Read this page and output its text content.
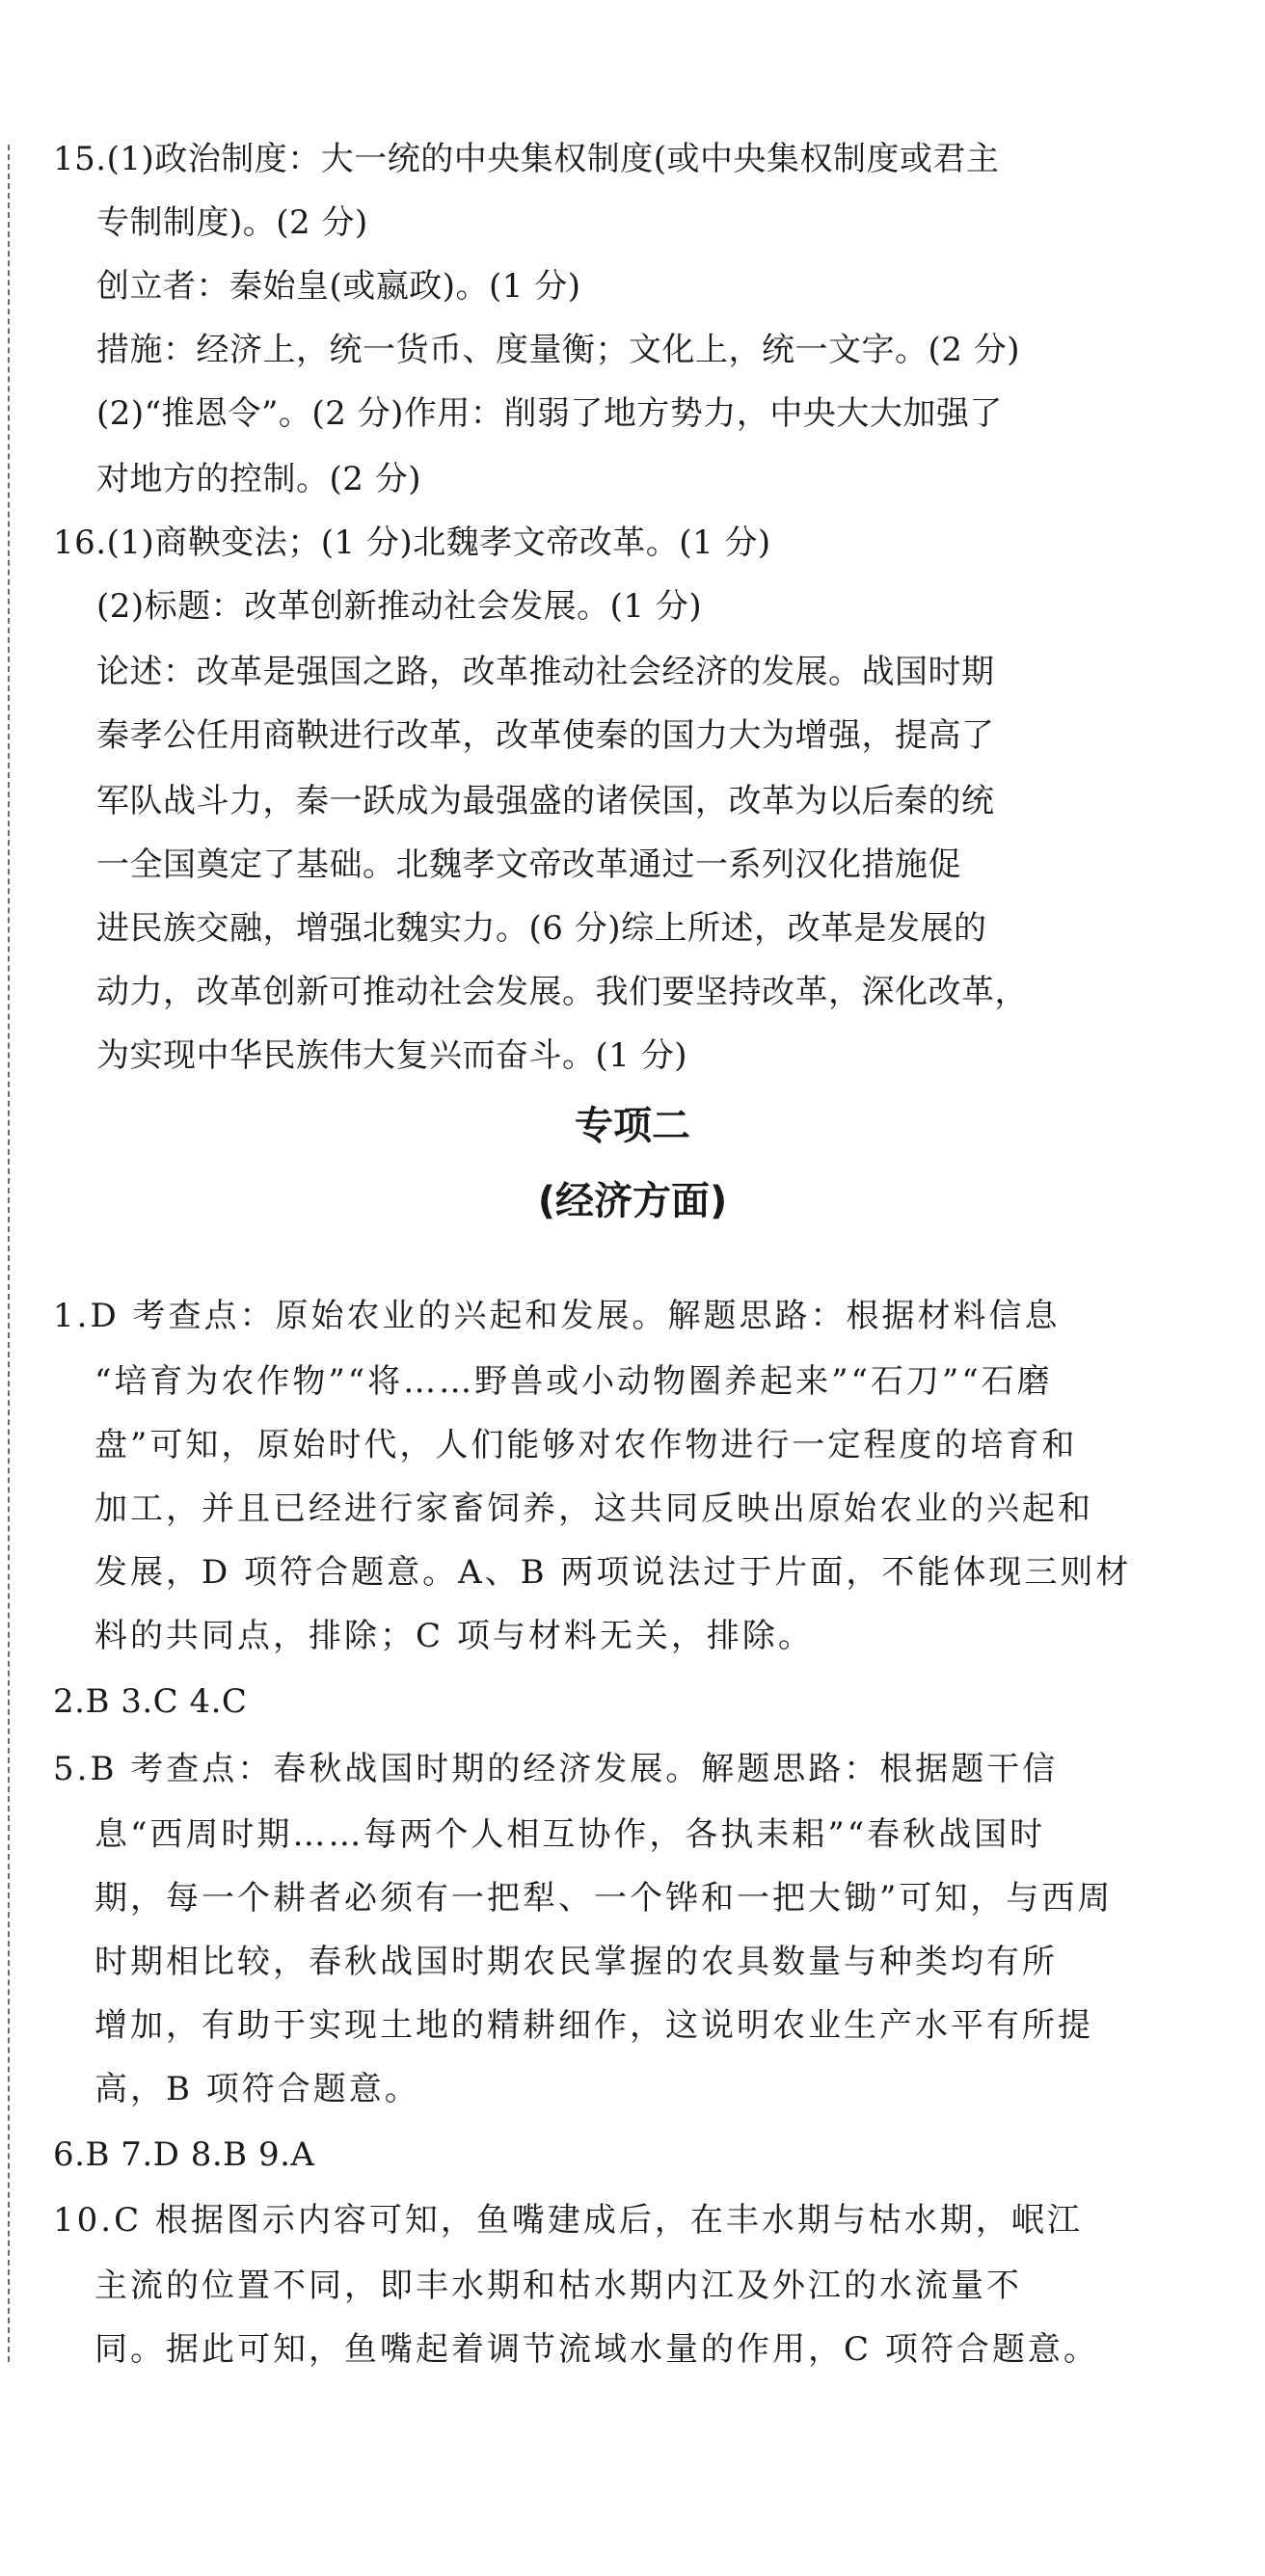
15.(1)政治制度：大一统的中央集权制度(或中央集权制度或君主
专制制度)。(2 分)
创立者：秦始皇(或嬴政)。(1 分)
措施：经济上，统一货币、度量衡；文化上，统一文字。(2 分)
(2)“推恩令”。(2 分)作用：削弱了地方势力，中央大大加强了
对地方的控制。(2 分)
16.(1)商鞅变法；(1 分)北魏孝文帝改革。(1 分)
(2)标题：改革创新推动社会发展。(1 分)
论述：改革是强国之路，改革推动社会经济的发展。战国时期
秦孝公任用商鞅进行改革，改革使秦的国力大为增强，提高了
军队战斗力，秦一跃成为最强盛的诸侯国，改革为以后秦的统
一全国奠定了基础。北魏孝文帝改革通过一系列汉化措施促
进民族交融，增强北魏实力。(6 分)综上所述，改革是发展的
动力，改革创新可推动社会发展。我们要坚持改革，深化改革，
为实现中华民族伟大复兴而奋斗。(1 分)
专项二
(经济方面)
1.D 考查点：原始农业的兴起和发展。解题思路：根据材料信息
“培育为农作物”“将……野兽或小动物圈养起来”“石刀”“石磨
盘”可知，原始时代，人们能够对农作物进行一定程度的培育和
加工，并且已经进行家畜饲养，这共同反映出原始农业的兴起和
发展，D 项符合题意。A、B 两项说法过于片面，不能体现三则材
料的共同点，排除；C 项与材料无关，排除。
2.B 3.C 4.C
5.B 考查点：春秋战国时期的经济发展。解题思路：根据题干信
息“西周时期……每两个人相互协作，各执耒耜”“春秋战国时
期，每一个耕者必须有一把犁、一个铧和一把大锄”可知，与西周
时期相比较，春秋战国时期农民掌握的农具数量与种类均有所
增加，有助于实现土地的精耕细作，这说明农业生产水平有所提
高，B 项符合题意。
6.B 7.D 8.B 9.A
10.C 根据图示内容可知，鱼嘴建成后，在丰水期与枯水期，岷江
主流的位置不同，即丰水期和枯水期内江及外江的水流量不
同。据此可知，鱼嘴起着调节流域水量的作用，C 项符合题意。
